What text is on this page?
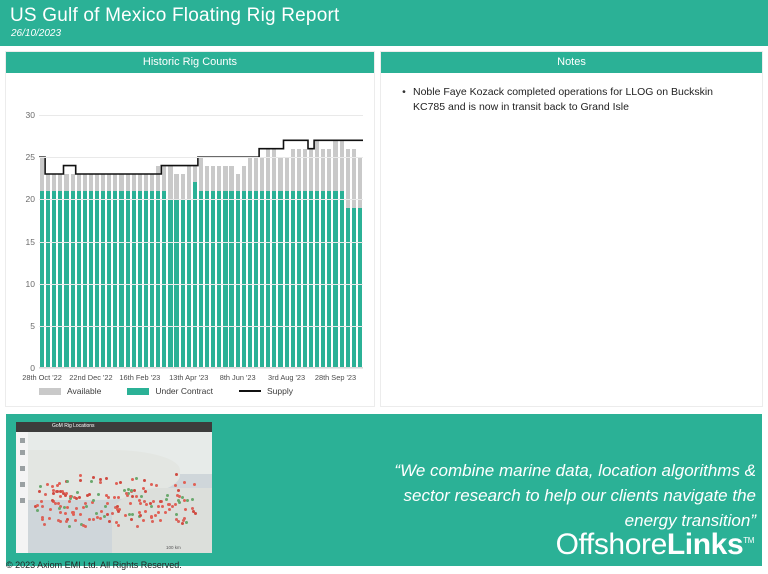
US Gulf of Mexico Floating Rig Report
26/10/2023
Historic Rig Counts
Available	Under Contract	Supply
0
5
10
15
20
25
30
28th Oct '22 22nd Dec '22 16th Feb '23 13th Apr '23 8th Jun '23 3rd Aug '23 28th Sep '23
Notes
• Noble Faye Kozack completed operations for LLOG on Buckskin KC785 and is now in transit back to Grand Isle
GoM Rig Locations
100 km
“We combine marine data, location algorithms & sector research to help our clients navigate the energy transition”
OffshoreLinks™
© 2023 Axiom EMI Ltd. All Rights Reserved.
